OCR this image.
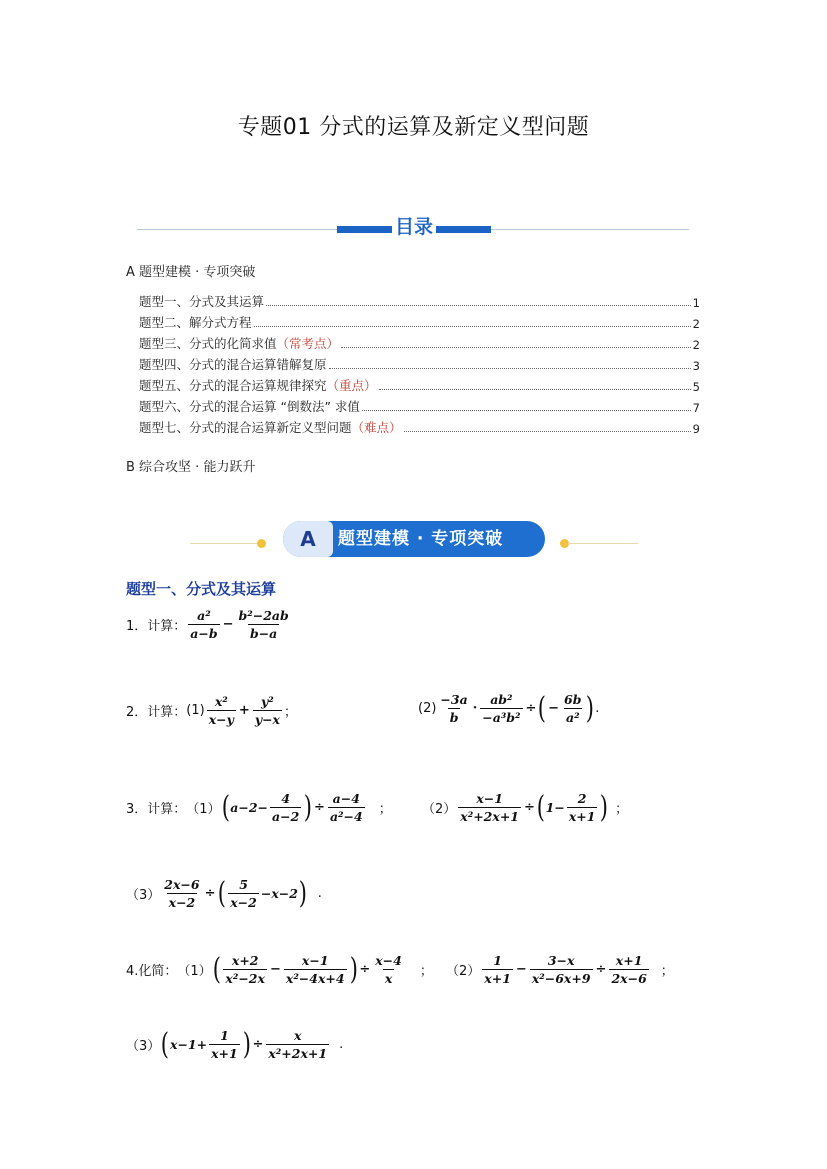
专题01 分式的运算及新定义型问题
目录
A 题型建模 · 专项突破
题型一、分式及其运算	1
题型二、解分式方程	2
题型三、分式的化简求值 （常考点）	2
题型四、分式的混合运算错解复原	3
题型五、分式的混合运算规律探究 （重点）	5
题型六、分式的混合运算 “倒数法” 求值	7
题型七、分式的混合运算新定义型问题 （难点）	9
B 综合攻坚 · 能力跃升
A	题型建模 · 专项突破
题型一、分式及其运算
1．计算： $\frac{\text{a²}}{a-b} - \frac{\text{b²−2ab}}{b-a}$
2．计算： $(1) \frac{\text{x²}}{x-y} + \frac{\text{y²}}{y-x}$ ；	$(2) \frac{-3a}{b} \cdot \frac{\text{ab²}}{\text{−a³b²}}$ ÷ ( − $\frac{6b}{\text{a²}}$ ) .
3．计算： （1） ( $a-2- \frac{4}{a-2}$ ) ÷ $\frac{a-4}{\text{a²−4}}$ ； $(2) \frac{x-1}{\text{x²+2x+1}}$ ÷ ( $1- \frac{2}{x+1}$ ) ；
$(3) \frac{2x-6}{x-2}$ ÷ ( $\frac{5}{x-2} -x-2$ ) .
4.化简： （1） ( $\frac{x+2}{\text{x²−2x}} - \frac{x-1}{\text{x²−4x+4}}$ ) ÷ $\frac{x-4}{x}$ ； $(2) \frac{1}{x+1} - \frac{3-x}{\text{x²−6x+9}} \div \frac{x+1}{2x-6}$ ；
（3） ( $x-1+ \frac{1}{x+1}$ ) ÷ $\frac{x}{\text{x²+2x+1}}$ .
